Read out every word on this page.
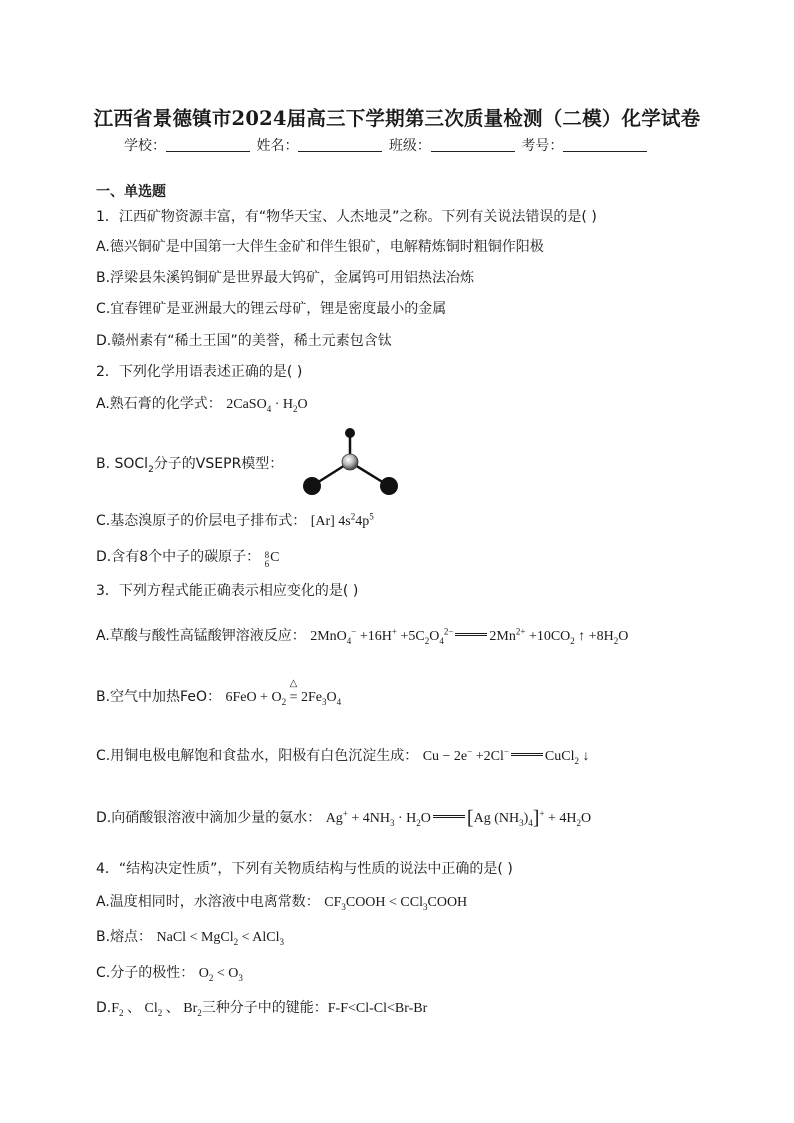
江西省景德镇市2024届高三下学期第三次质量检测（二模）化学试卷
学校：	姓名：	班级：	考号：
一、单选题
1．江西矿物资源丰富，有“物华天宝、人杰地灵”之称。下列有关说法错误的是( )
A.德兴铜矿是中国第一大伴生金矿和伴生银矿，电解精炼铜时粗铜作阳极
B.浮梁县朱溪钨铜矿是世界最大钨矿，金属钨可用铝热法冶炼
C.宜春锂矿是亚洲最大的锂云母矿，锂是密度最小的金属
D.赣州素有“稀土王国”的美誉，稀土元素包含钛
2．下列化学用语表述正确的是( )
A.熟石膏的化学式： 2CaSO$_4$ · $H_2O$
B. SOCl$_2$分子的VSEPR模型：
C.基态溴原子的价层电子排布式： [Ar] $4s^24p^5$
D.含有8个中子的碳原子： 8
6C
3．下列方程式能正确表示相应变化的是( )
A.草酸与酸性高锰酸钾溶液反应： $2MnO_4^- +16H^+ +5C_2O_4^{2-}$	$2Mn^{2+} +10CO_2$ ↑ $+8H_2O$
B.空气中加热FeO： $6FeO + O_2$
△
= $2Fe_3O_4$
C.用铜电极电解饱和食盐水，阳极有白色沉淀生成： Cu − 2e− +2Cl−	CuCl$_2$ ↓
D.向硝酸银溶液中滴加少量的氨水： $Ag^+ + 4NH_3 \cdot H_2O$ [Ag $(NH_3)_4]^+ + 4H_2O$
4．“结构决定性质”，下列有关物质结构与性质的说法中正确的是( )
A.温度相同时，水溶液中电离常数： $CF_3COOH$ < CCl$_3$COOH
B.熔点： NaCl < MgCl$_2$ < AlCl$_3$
C.分子的极性： $O_2 < O_3$
$D.F_2$ 、 $Cl_2$ 、 $Br_2$三种分子中的键能：F-F<Cl-Cl<Br-Br
